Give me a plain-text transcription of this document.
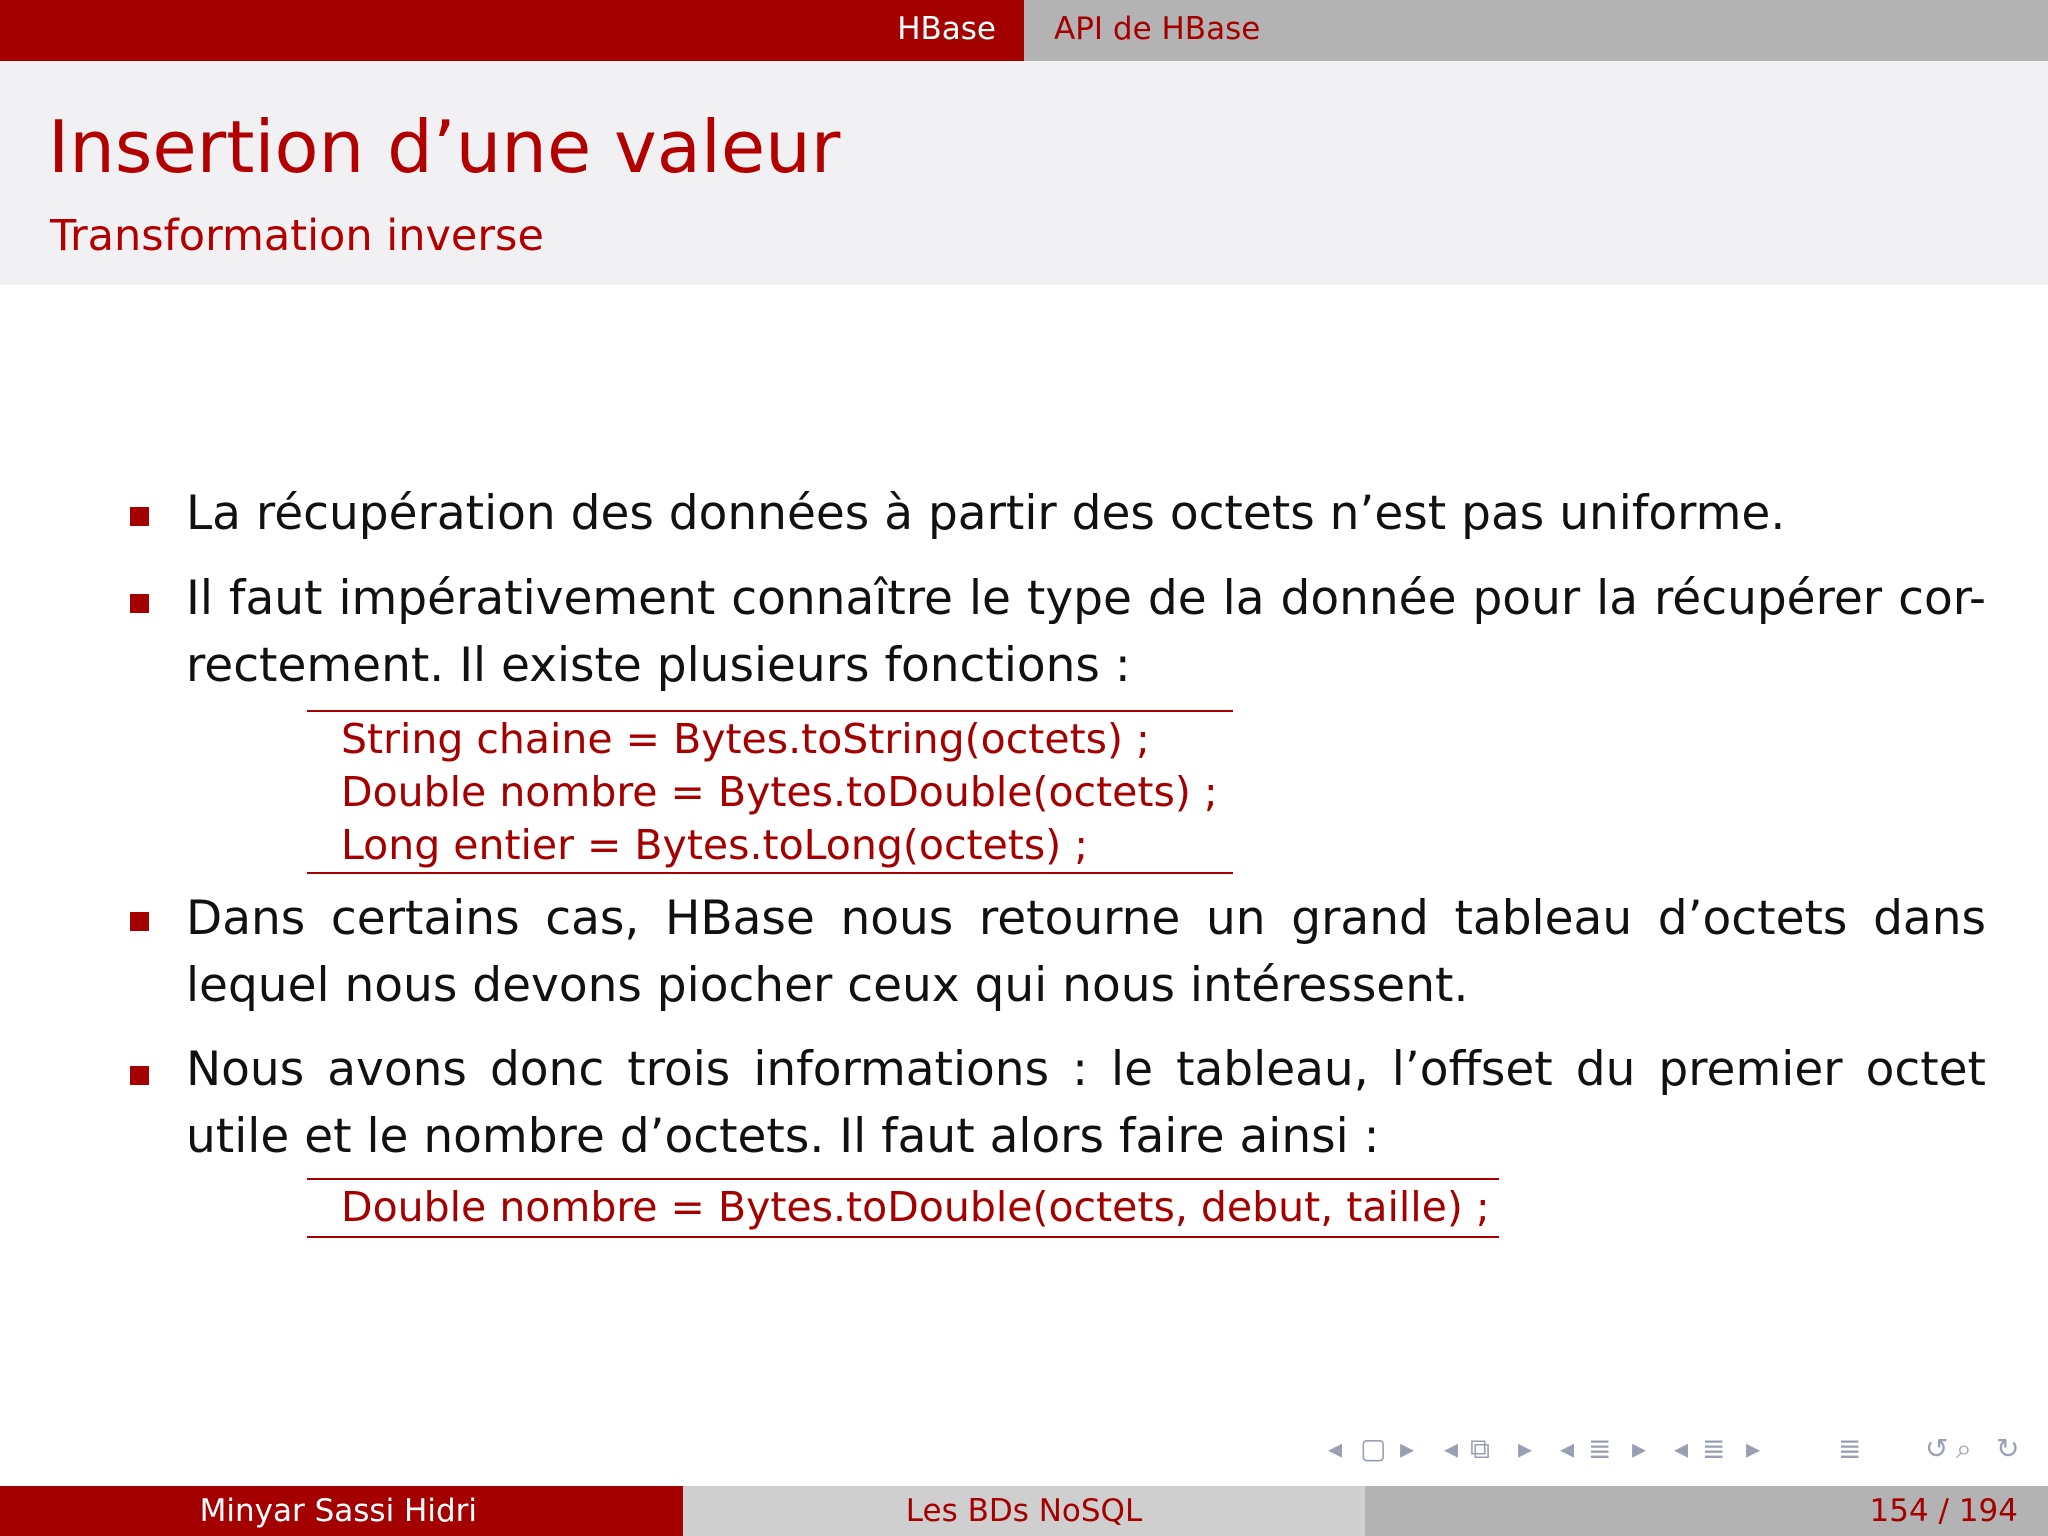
HBase API de HBase
Insertion d’une valeur
Transformation inverse
La récupération des données à partir des octets n’est pas uniforme.
Il faut impérativement connaître le type de la donnée pour la récupérer cor-rectement. Il existe plusieurs fonctions :
String chaine = Bytes.toString(octets) ;
Double nombre = Bytes.toDouble(octets) ;
Long entier = Bytes.toLong(octets) ;
Dans certains cas, HBase nous retourne un grand tableau d’octets dans lequel nous devons piocher ceux qui nous intéressent.
Nous avons donc trois informations : le tableau, l’offset du premier octet utile et le nombre d’octets. Il faut alors faire ainsi :
Double nombre = Bytes.toDouble(octets, debut, taille) ;
◂ ▢ ▸ ◂ ⧉ ▸ ◂ ≣ ▸ ◂ ≣ ▸	≣ ↺ ⌕ ↻
Minyar Sassi Hidri	Les BDs NoSQL	154 / 194
